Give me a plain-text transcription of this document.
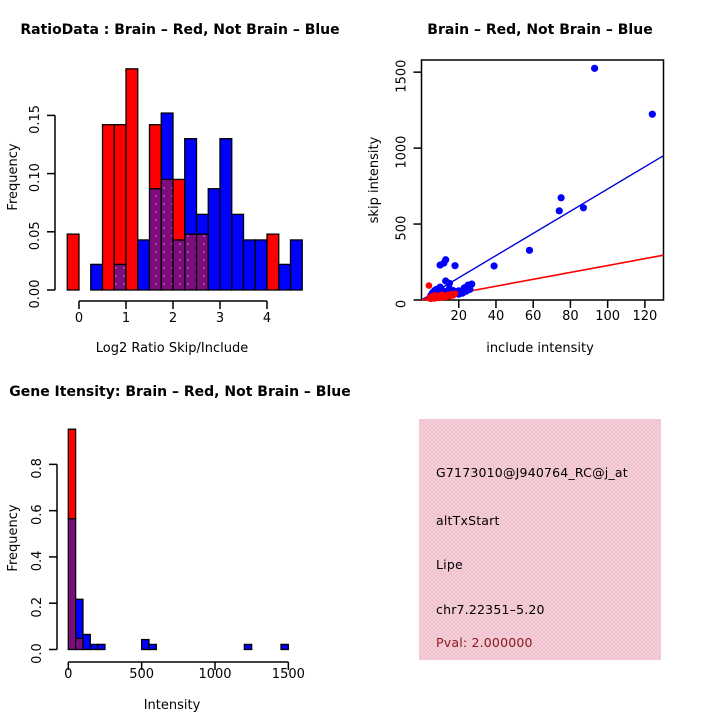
RatioData : Brain – Red, Not Brain – Blue
Frequency
0.00
0.05
0.10
0.15
0	1	2	3	4
Log2 Ratio Skip/Include
Brain – Red, Not Brain – Blue
skip intensity
0
500
1000
1500
20 40 60 80 100 120
include intensity
Gene Itensity: Brain – Red, Not Brain – Blue
Frequency
0.0
0.2
0.4
0.6
0.8
0	500	1000	1500
Intensity
G7173010@J940764_RC@j_at
altTxStart
Lipe
chr7.22351–5.20
Pval: 2.000000
